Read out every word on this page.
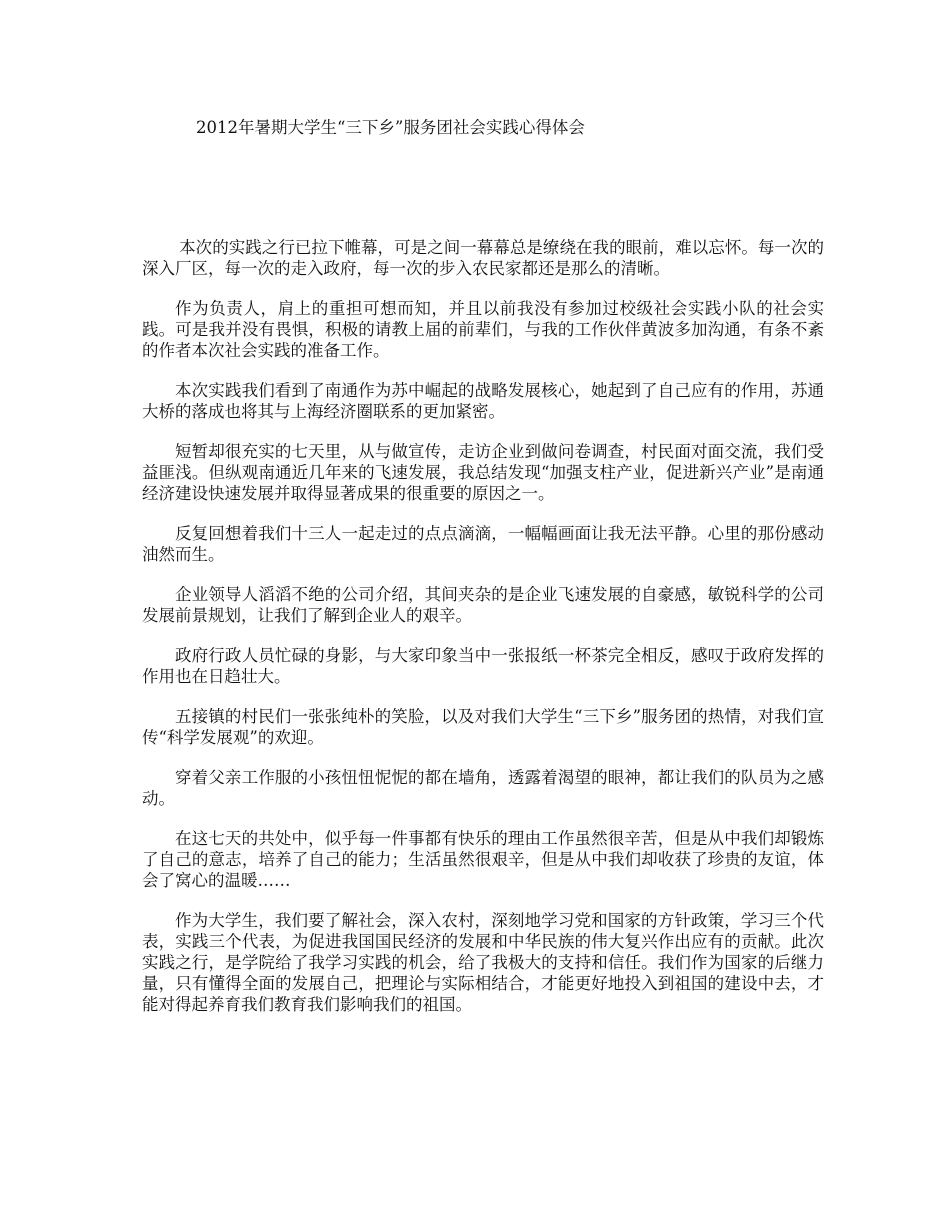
2012年暑期大学生“三下乡”服务团社会实践心得体会

本次的实践之行已拉下帷幕，可是之间一幕幕总是缭绕在我的眼前，难以忘怀。每一次的深入厂区，每一次的走入政府，每一次的步入农民家都还是那么的清晰。

作为负责人，肩上的重担可想而知，并且以前我没有参加过校级社会实践小队的社会实践。可是我并没有畏惧，积极的请教上届的前辈们，与我的工作伙伴黄波多加沟通，有条不紊的作者本次社会实践的准备工作。

本次实践我们看到了南通作为苏中崛起的战略发展核心，她起到了自己应有的作用，苏通大桥的落成也将其与上海经济圈联系的更加紧密。

短暂却很充实的七天里，从与做宣传，走访企业到做问卷调查，村民面对面交流，我们受益匪浅。但纵观南通近几年来的飞速发展，我总结发现“加强支柱产业，促进新兴产业”是南通经济建设快速发展并取得显著成果的很重要的原因之一。

反复回想着我们十三人一起走过的点点滴滴，一幅幅画面让我无法平静。心里的那份感动油然而生。

企业领导人滔滔不绝的公司介绍，其间夹杂的是企业飞速发展的自豪感，敏锐科学的公司发展前景规划，让我们了解到企业人的艰辛。

政府行政人员忙碌的身影，与大家印象当中一张报纸一杯茶完全相反，感叹于政府发挥的作用也在日趋壮大。

五接镇的村民们一张张纯朴的笑脸，以及对我们大学生“三下乡”服务团的热情，对我们宣传“科学发展观”的欢迎。

穿着父亲工作服的小孩忸忸怩怩的都在墙角，透露着渴望的眼神，都让我们的队员为之感动。

在这七天的共处中，似乎每一件事都有快乐的理由工作虽然很辛苦，但是从中我们却锻炼了自己的意志，培养了自己的能力；生活虽然很艰辛，但是从中我们却收获了珍贵的友谊，体会了窝心的温暖……

作为大学生，我们要了解社会，深入农村，深刻地学习党和国家的方针政策，学习三个代表，实践三个代表，为促进我国国民经济的发展和中华民族的伟大复兴作出应有的贡献。此次实践之行，是学院给了我学习实践的机会，给了我极大的支持和信任。我们作为国家的后继力量，只有懂得全面的发展自己，把理论与实际相结合，才能更好地投入到祖国的建设中去，才能对得起养育我们教育我们影响我们的祖国。
